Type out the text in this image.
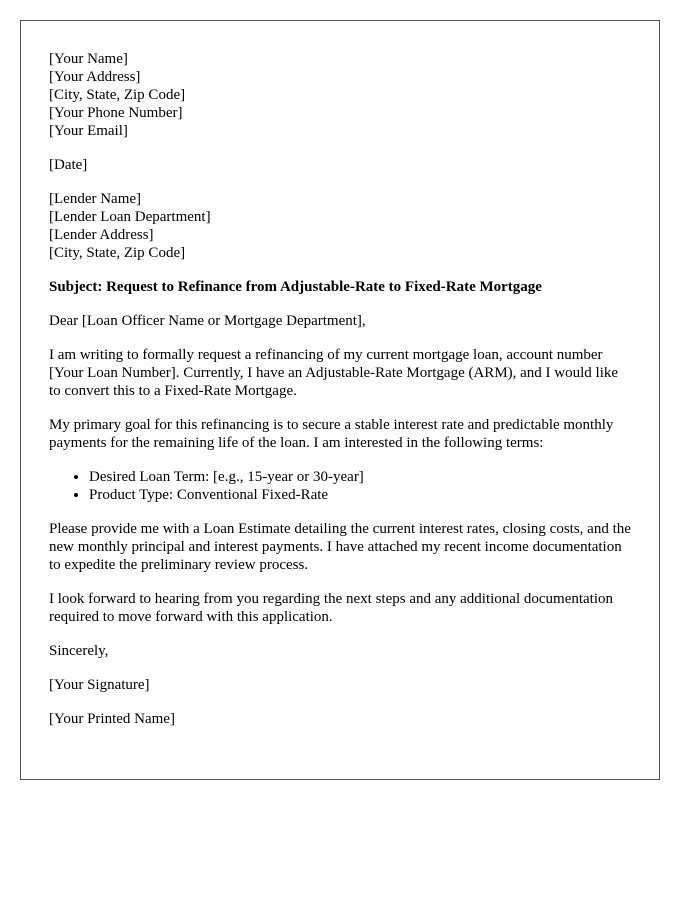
[Your Name]
[Your Address]
[City, State, Zip Code]
[Your Phone Number]
[Your Email]
[Date]
[Lender Name]
[Lender Loan Department]
[Lender Address]
[City, State, Zip Code]
Subject: Request to Refinance from Adjustable-Rate to Fixed-Rate Mortgage
Dear [Loan Officer Name or Mortgage Department],

I am writing to formally request a refinancing of my current mortgage loan, account number [Your Loan Number]. Currently, I have an Adjustable-Rate Mortgage (ARM), and I would like to convert this to a Fixed-Rate Mortgage.

My primary goal for this refinancing is to secure a stable interest rate and predictable monthly payments for the remaining life of the loan. I am interested in the following terms:

• Desired Loan Term: [e.g., 15-year or 30-year]
• Product Type: Conventional Fixed-Rate

Please provide me with a Loan Estimate detailing the current interest rates, closing costs, and the new monthly principal and interest payments. I have attached my recent income documentation to expedite the preliminary review process.

I look forward to hearing from you regarding the next steps and any additional documentation required to move forward with this application.

Sincerely,
[Your Signature]
[Your Printed Name]
